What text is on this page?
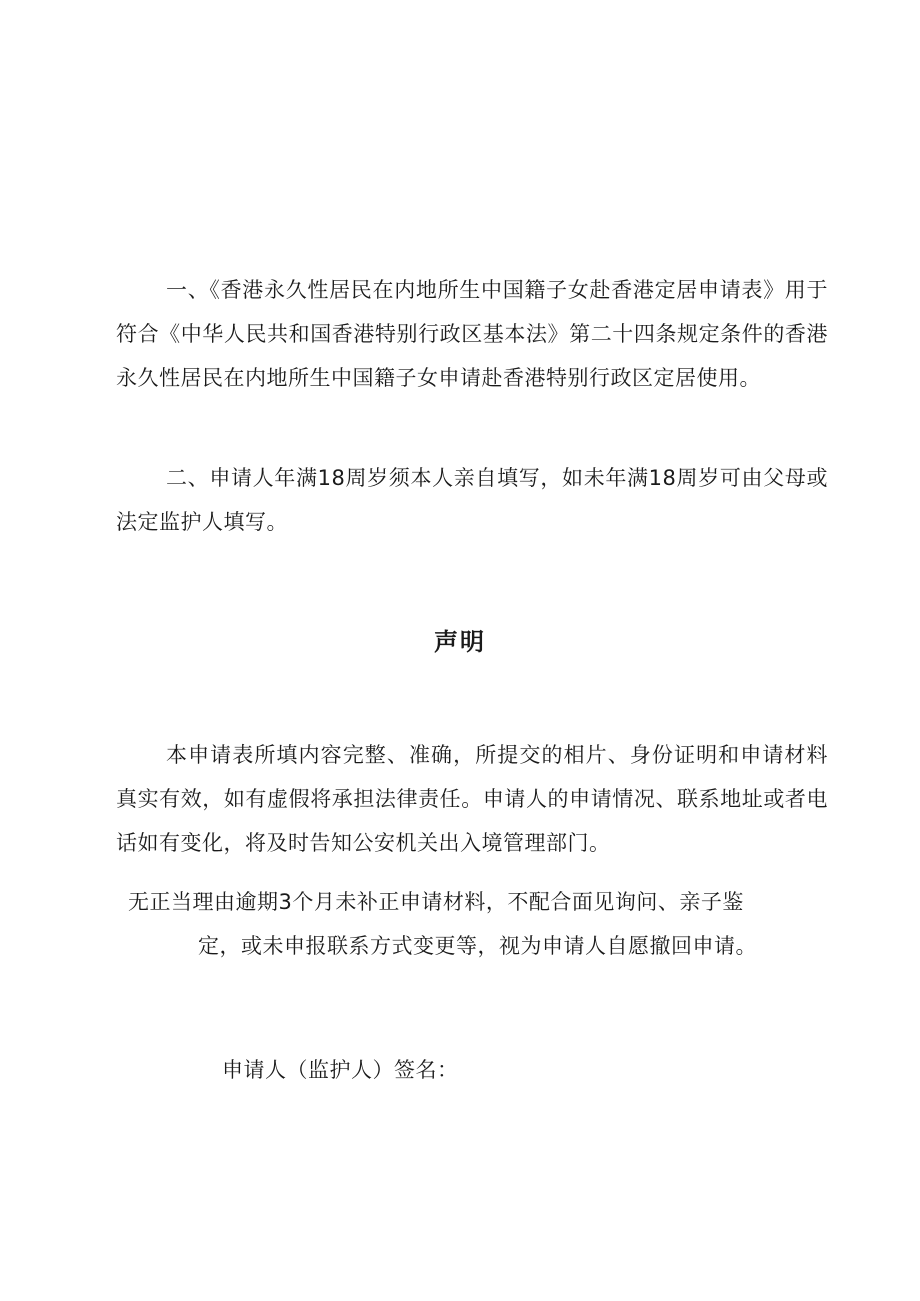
一、《香港永久性居民在内地所生中国籍子女赴香港定居申请表》用于符合《中华人民共和国香港特别行政区基本法》第二十四条规定条件的香港永久性居民在内地所生中国籍子女申请赴香港特别行政区定居使用。

二、申请人年满18周岁须本人亲自填写，如未年满18周岁可由父母或法定监护人填写。

声明

本申请表所填内容完整、准确，所提交的相片、身份证明和申请材料真实有效，如有虚假将承担法律责任。申请人的申请情况、联系地址或者电话如有变化，将及时告知公安机关出入境管理部门。

无正当理由逾期3个月未补正申请材料，不配合面见询问、亲子鉴

定，或未申报联系方式变更等，视为申请人自愿撤回申请。

申请人（监护人）签名：
